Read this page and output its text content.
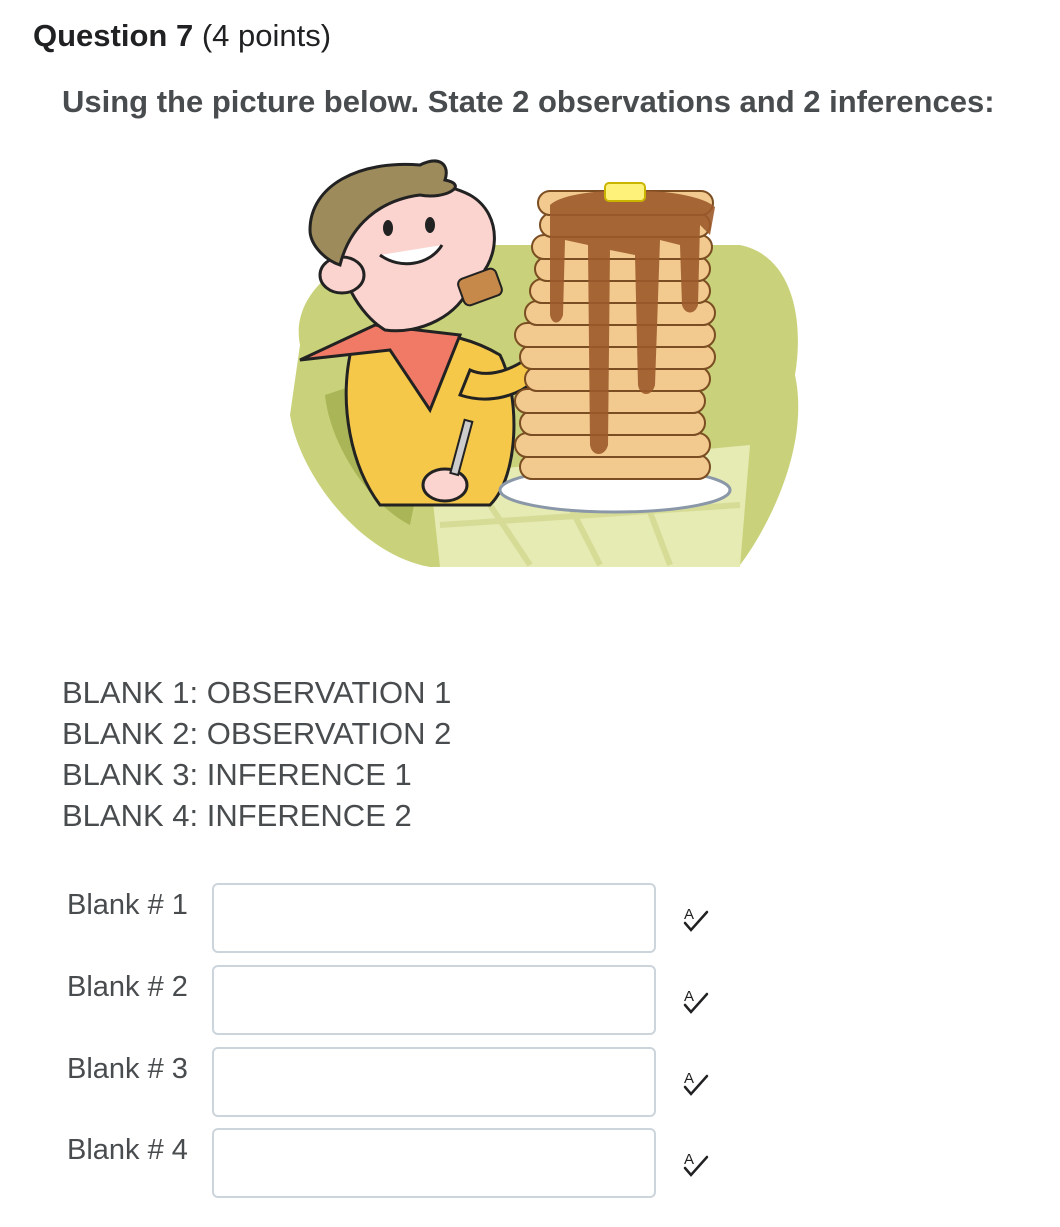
Question 7 (4 points)
Using the picture below. State 2 observations and 2 inferences:
BLANK 1: OBSERVATION 1
BLANK 2: OBSERVATION 2
BLANK 3: INFERENCE 1
BLANK 4: INFERENCE 2
Blank # 1	A
Blank # 2	A
Blank # 3	A
Blank # 4	A
